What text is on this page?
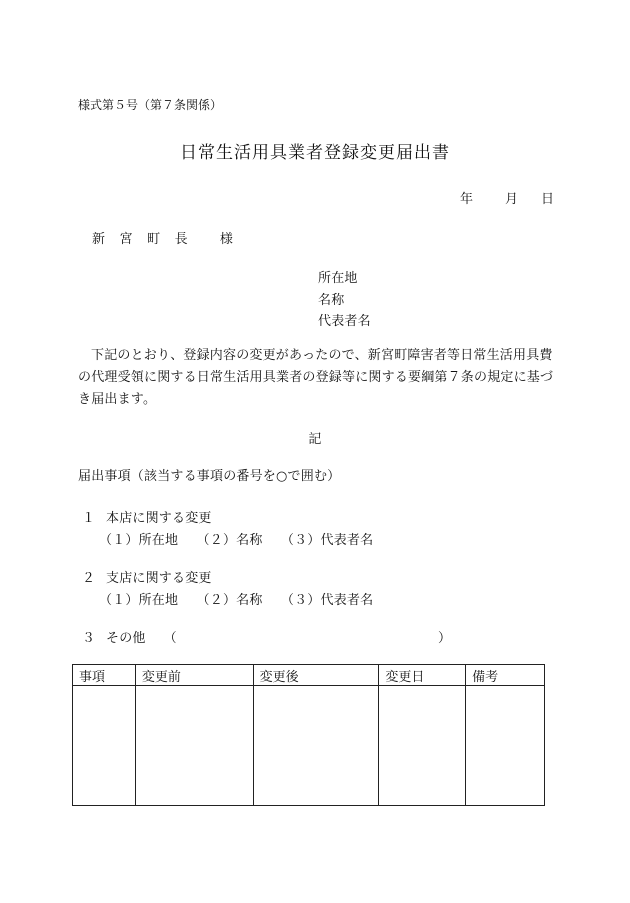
様式第５号（第７条関係）
日常生活用具業者登録変更届出書
年 月 日
新 宮 町 長 様
所在地
名称
代表者名
下記のとおり、登録内容の変更があったので、新宮町障害者等日常生活用具費の代理受領に関する日常生活用具業者の登録等に関する要綱第７条の規定に基づき届出ます。
記
届出事項（該当する事項の番号を○で囲む）
１ 本店に関する変更
（１）所在地 （２）名称 （３）代表者名
２ 支店に関する変更
（１）所在地 （２）名称 （３）代表者名
３ その他 （	）
事項	変更前	変更後	変更日	備考
